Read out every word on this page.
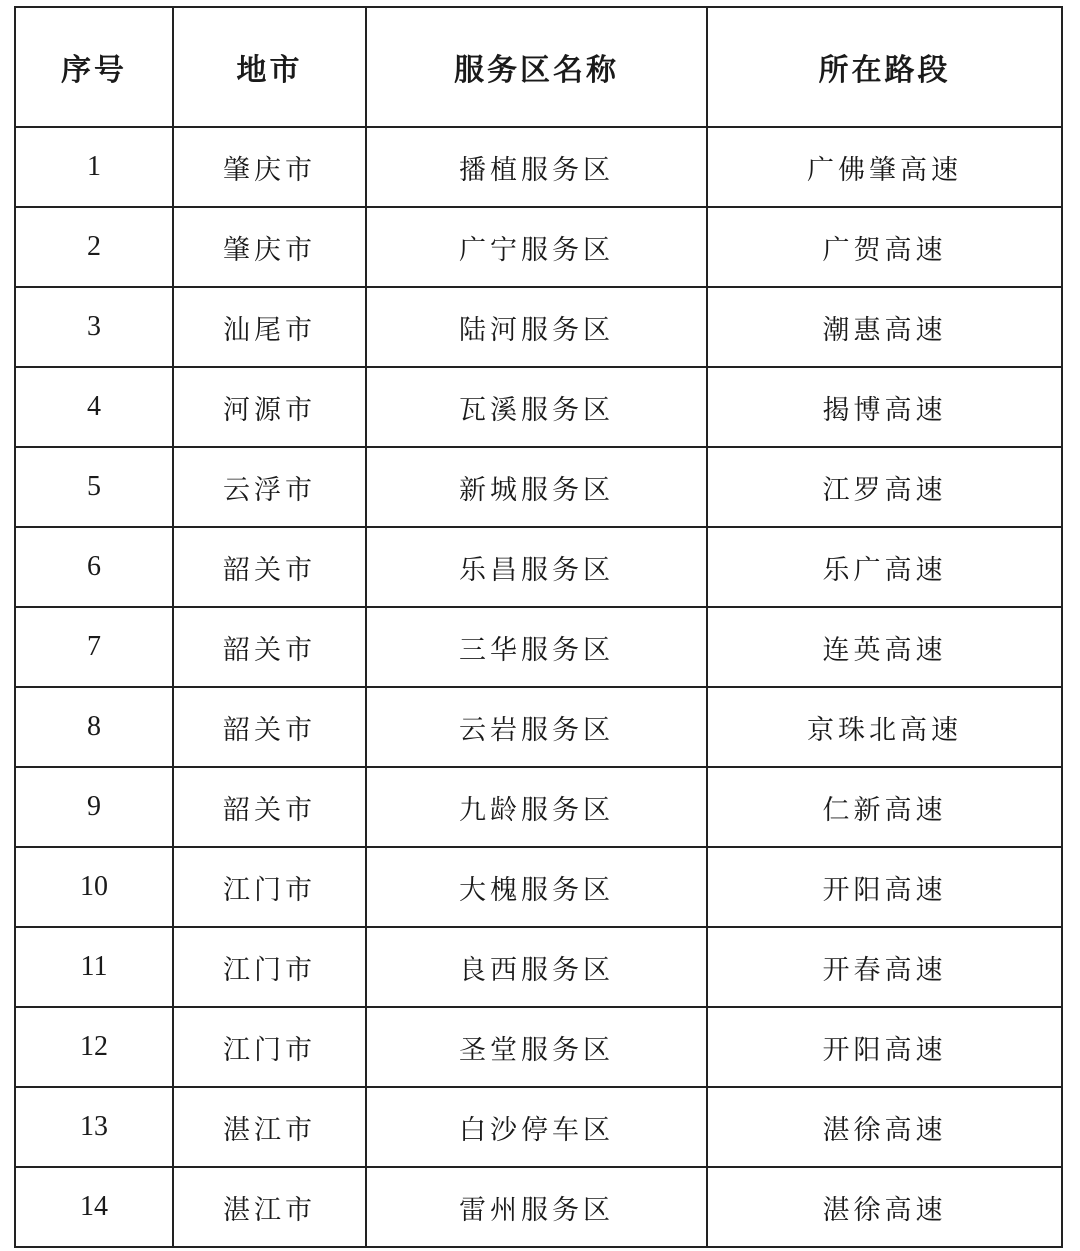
序号	地市	服务区名称	所在路段
1	肇庆市	播植服务区	广佛肇高速
2	肇庆市	广宁服务区	广贺高速
3	汕尾市	陆河服务区	潮惠高速
4	河源市	瓦溪服务区	揭博高速
5	云浮市	新城服务区	江罗高速
6	韶关市	乐昌服务区	乐广高速
7	韶关市	三华服务区	连英高速
8	韶关市	云岩服务区	京珠北高速
9	韶关市	九龄服务区	仁新高速
10	江门市	大槐服务区	开阳高速
11	江门市	良西服务区	开春高速
12	江门市	圣堂服务区	开阳高速
13	湛江市	白沙停车区	湛徐高速
14	湛江市	雷州服务区	湛徐高速
